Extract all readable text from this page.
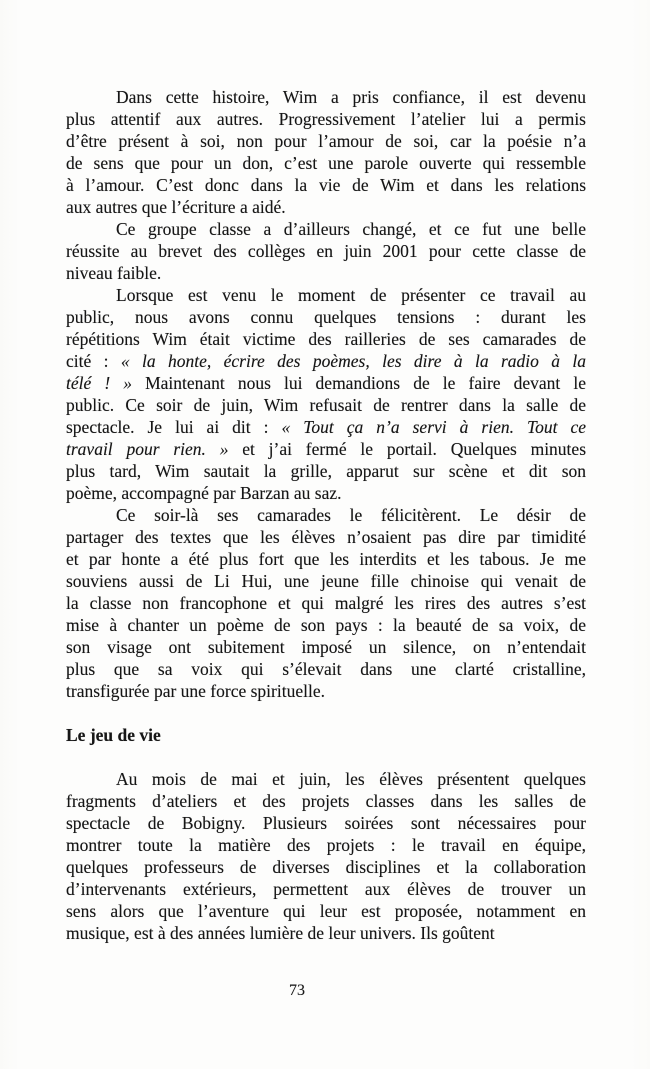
Dans cette histoire, Wim a pris confiance, il est devenu
plus attentif aux autres. Progressivement l’atelier lui a permis
d’être présent à soi, non pour l’amour de soi, car la poésie n’a
de sens que pour un don, c’est une parole ouverte qui ressemble
à l’amour. C’est donc dans la vie de Wim et dans les relations
aux autres que l’écriture a aidé.
Ce groupe classe a d’ailleurs changé, et ce fut une belle
réussite au brevet des collèges en juin 2001 pour cette classe de
niveau faible.
Lorsque est venu le moment de présenter ce travail au
public, nous avons connu quelques tensions : durant les
répétitions Wim était victime des railleries de ses camarades de
cité : « la honte, écrire des poèmes, les dire à la radio à la
télé ! » Maintenant nous lui demandions de le faire devant le
public. Ce soir de juin, Wim refusait de rentrer dans la salle de
spectacle. Je lui ai dit : « Tout ça n’a servi à rien. Tout ce
travail pour rien. » et j’ai fermé le portail. Quelques minutes
plus tard, Wim sautait la grille, apparut sur scène et dit son
poème, accompagné par Barzan au saz.
Ce soir-là ses camarades le félicitèrent. Le désir de
partager des textes que les élèves n’osaient pas dire par timidité
et par honte a été plus fort que les interdits et les tabous. Je me
souviens aussi de Li Hui, une jeune fille chinoise qui venait de
la classe non francophone et qui malgré les rires des autres s’est
mise à chanter un poème de son pays : la beauté de sa voix, de
son visage ont subitement imposé un silence, on n’entendait
plus que sa voix qui s’élevait dans une clarté cristalline,
transfigurée par une force spirituelle.
Le jeu de vie
Au mois de mai et juin, les élèves présentent quelques
fragments d’ateliers et des projets classes dans les salles de
spectacle de Bobigny. Plusieurs soirées sont nécessaires pour
montrer toute la matière des projets : le travail en équipe,
quelques professeurs de diverses disciplines et la collaboration
d’intervenants extérieurs, permettent aux élèves de trouver un
sens alors que l’aventure qui leur est proposée, notamment en
musique, est à des années lumière de leur univers. Ils goûtent
73
